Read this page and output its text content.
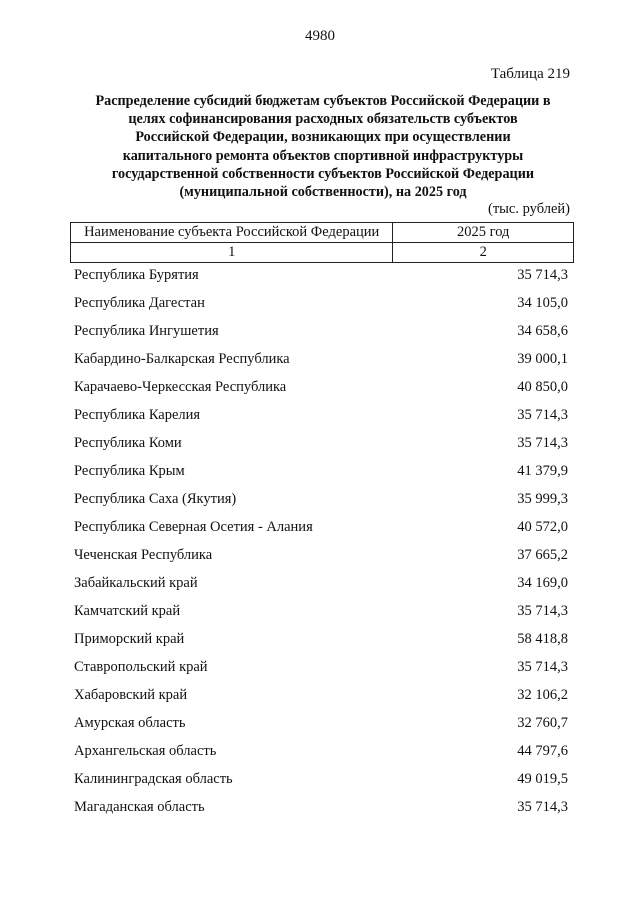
4980
Таблица 219
Распределение субсидий бюджетам субъектов Российской Федерации в
целях софинансирования расходных обязательств субъектов
Российской Федерации, возникающих при осуществлении
капитального ремонта объектов спортивной инфраструктуры
государственной собственности субъектов Российской Федерации
(муниципальной собственности), на 2025 год
(тыс. рублей)
Наименование субъекта Российской Федерации	2025 год
1	2
Республика Бурятия	35 714,3
Республика Дагестан	34 105,0
Республика Ингушетия	34 658,6
Кабардино-Балкарская Республика	39 000,1
Карачаево-Черкесская Республика	40 850,0
Республика Карелия	35 714,3
Республика Коми	35 714,3
Республика Крым	41 379,9
Республика Саха (Якутия)	35 999,3
Республика Северная Осетия - Алания	40 572,0
Чеченская Республика	37 665,2
Забайкальский край	34 169,0
Камчатский край	35 714,3
Приморский край	58 418,8
Ставропольский край	35 714,3
Хабаровский край	32 106,2
Амурская область	32 760,7
Архангельская область	44 797,6
Калининградская область	49 019,5
Магаданская область	35 714,3
